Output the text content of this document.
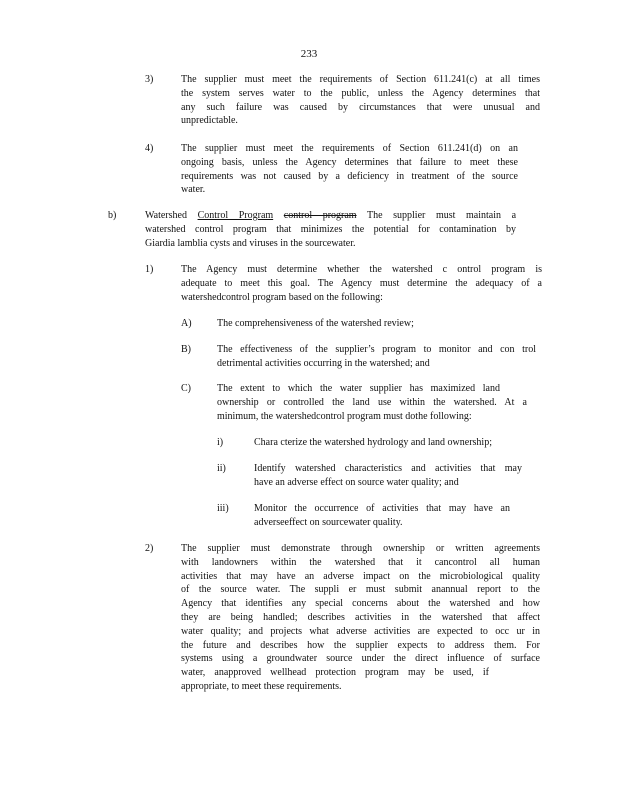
233
3)	The supplier must meet the requirements of Section 611.241(c) at all times
the system serves water to the public, unless the Agency determines that
any such failure was caused by circumstances that were unusual and
unpredictable.
4)	The supplier must meet the requirements of Section 611.241(d) on an
ongoing basis, unless the Agency determines that failure to meet these
requirements was not caused by a deficiency in treatment of the source
water.
b)	Watershed Control Program control program The supplier must maintain a
watershed control program that minimizes the potential for contamination by
Giardia lamblia cysts and viruses in the sourcewater.
1)	The Agency must determine whether the watershed c ontrol program is
adequate to meet this goal. The Agency must determine the adequacy of a
watershedcontrol program based on the following:
A)	The comprehensiveness of the watershed review;
B)	The effectiveness of the supplier’s program to monitor and con trol
detrimental activities occurring in the watershed; and
C)	The extent to which the water supplier has maximized land
ownership or controlled the land use within the watershed. At a
minimum, the watershedcontrol program must dothe following:
i)	Chara cterize the watershed hydrology and land ownership;
ii)	Identify watershed characteristics and activities that may
have an adverse effect on source water quality; and
iii)	Monitor the occurrence of activities that may have an
adverseeffect on sourcewater quality.
2)	The supplier must demonstrate through ownership or written agreements
with landowners within the watershed that it cancontrol all human
activities that may have an adverse impact on the microbiological quality
of the source water. The suppli er must submit anannual report to the
Agency that identifies any special concerns about the watershed and how
they are being handled; describes activities in the watershed that affect
water quality; and projects what adverse activities are expected to occ ur in
the future and describes how the supplier expects to address them. For
systems using a groundwater source under the direct influence of surface
water, anapproved wellhead protection program may be used, if
appropriate, to meet these requirements.
